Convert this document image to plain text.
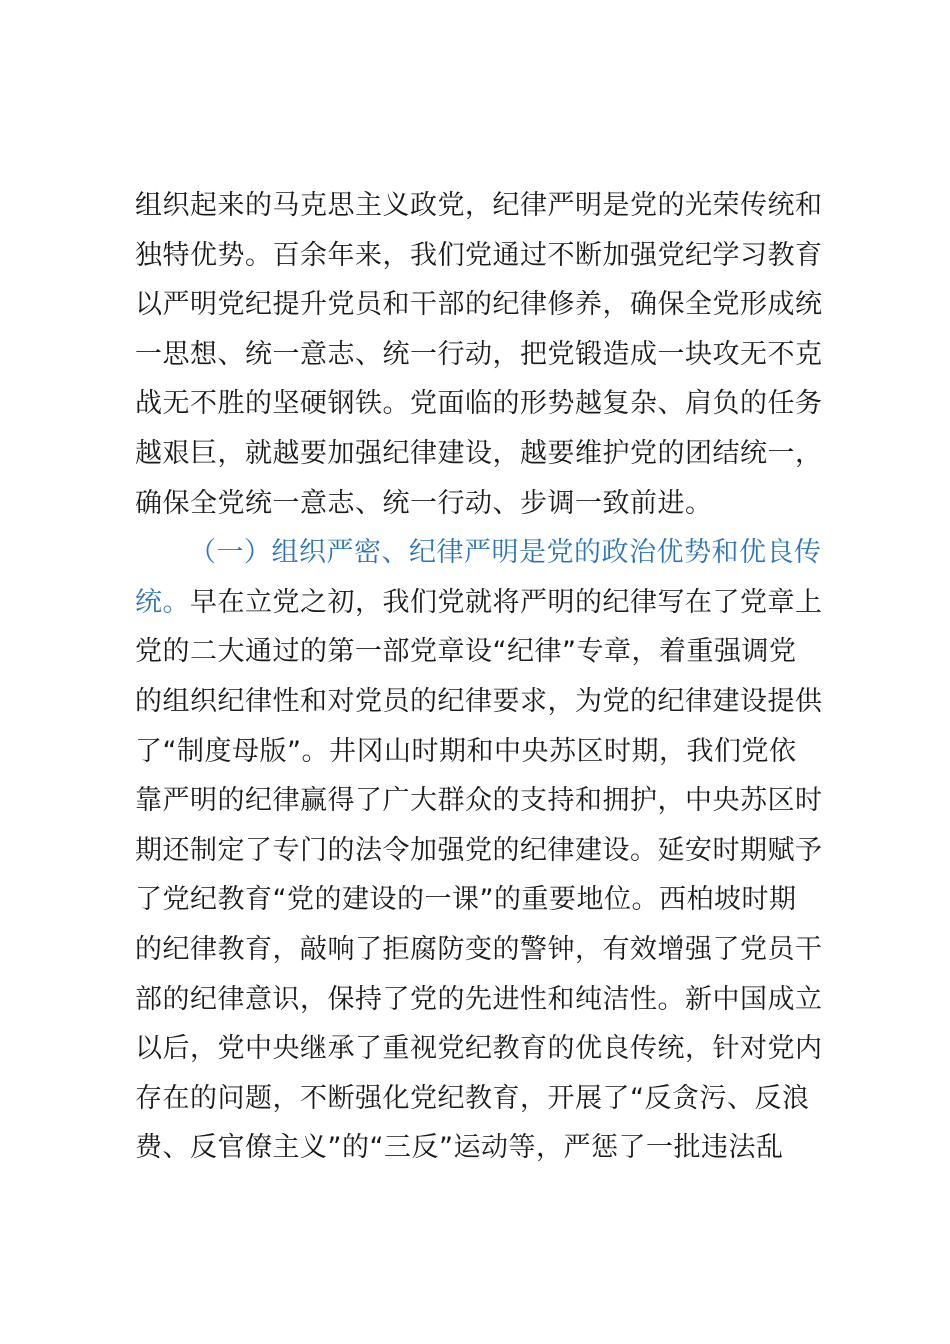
组织起来的马克思主义政党，纪律严明是党的光荣传统和
独特优势。百余年来，我们党通过不断加强党纪学习教育
以严明党纪提升党员和干部的纪律修养，确保全党形成统
一思想、统一意志、统一行动，把党锻造成一块攻无不克
战无不胜的坚硬钢铁。党面临的形势越复杂、肩负的任务
越艰巨，就越要加强纪律建设，越要维护党的团结统一，
确保全党统一意志、统一行动、步调一致前进。
（一）组织严密、纪律严明是党的政治优势和优良传
统。早在立党之初，我们党就将严明的纪律写在了党章上
党的二大通过的第一部党章设“纪律”专章，着重强调党
的组织纪律性和对党员的纪律要求，为党的纪律建设提供
了“制度母版”。井冈山时期和中央苏区时期，我们党依
靠严明的纪律赢得了广大群众的支持和拥护，中央苏区时
期还制定了专门的法令加强党的纪律建设。延安时期赋予
了党纪教育“党的建设的一课”的重要地位。西柏坡时期
的纪律教育，敲响了拒腐防变的警钟，有效增强了党员干
部的纪律意识，保持了党的先进性和纯洁性。新中国成立
以后，党中央继承了重视党纪教育的优良传统，针对党内
存在的问题，不断强化党纪教育，开展了“反贪污、反浪
费、反官僚主义”的“三反”运动等，严惩了一批违法乱
